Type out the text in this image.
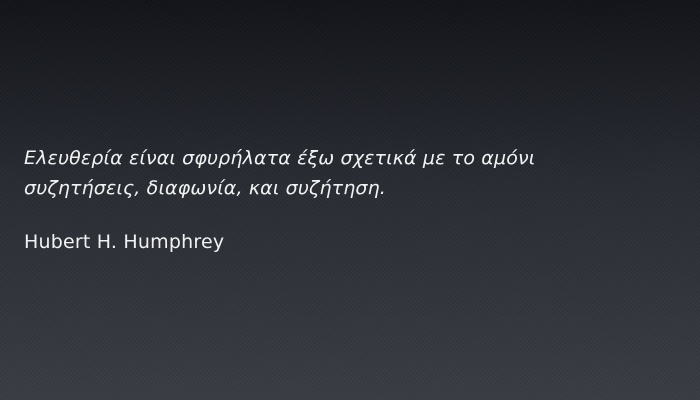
Ελευθερία είναι σφυρήλατα έξω σχετικά με το αμόνι
συζητήσεις, διαφωνία, και συζήτηση.

Hubert H. Humphrey
